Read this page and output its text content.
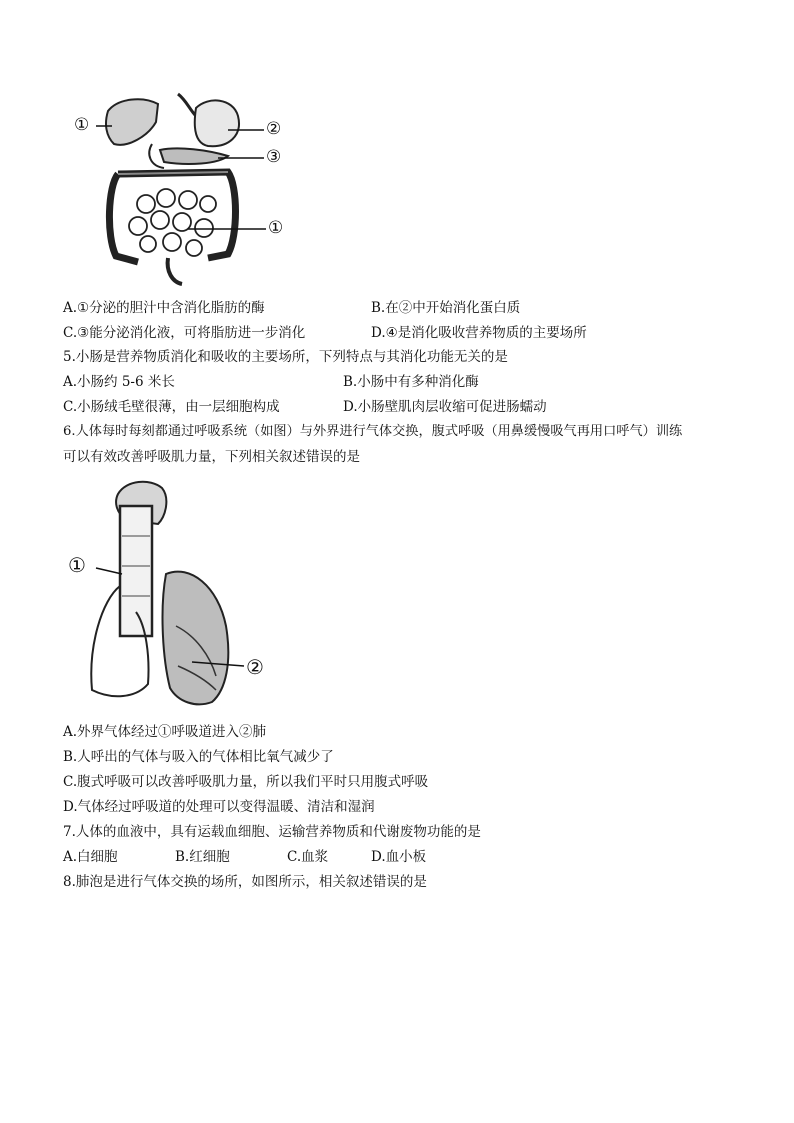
①	②
③
①
A.①分泌的胆汁中含消化脂肪的酶	B.在②中开始消化蛋白质
C.③能分泌消化液，可将脂肪进一步消化	D.④是消化吸收营养物质的主要场所
5.小肠是营养物质消化和吸收的主要场所，下列特点与其消化功能无关的是
A.小肠约 5-6 米长	B.小肠中有多种消化酶
C.小肠绒毛壁很薄，由一层细胞构成	D.小肠壁肌肉层收缩可促进肠蠕动
6.人体每时每刻都通过呼吸系统（如图）与外界进行气体交换，腹式呼吸（用鼻缓慢吸气再用口呼气）训练
可以有效改善呼吸肌力量，下列相关叙述错误的是
①
②
A.外界气体经过①呼吸道进入②肺
B.人呼出的气体与吸入的气体相比氧气减少了
C.腹式呼吸可以改善呼吸肌力量，所以我们平时只用腹式呼吸
D.气体经过呼吸道的处理可以变得温暖、清洁和湿润
7.人体的血液中，具有运载血细胞、运输营养物质和代谢废物功能的是
A.白细胞	B.红细胞	C.血浆	D.血小板
8.肺泡是进行气体交换的场所，如图所示，相关叙述错误的是
